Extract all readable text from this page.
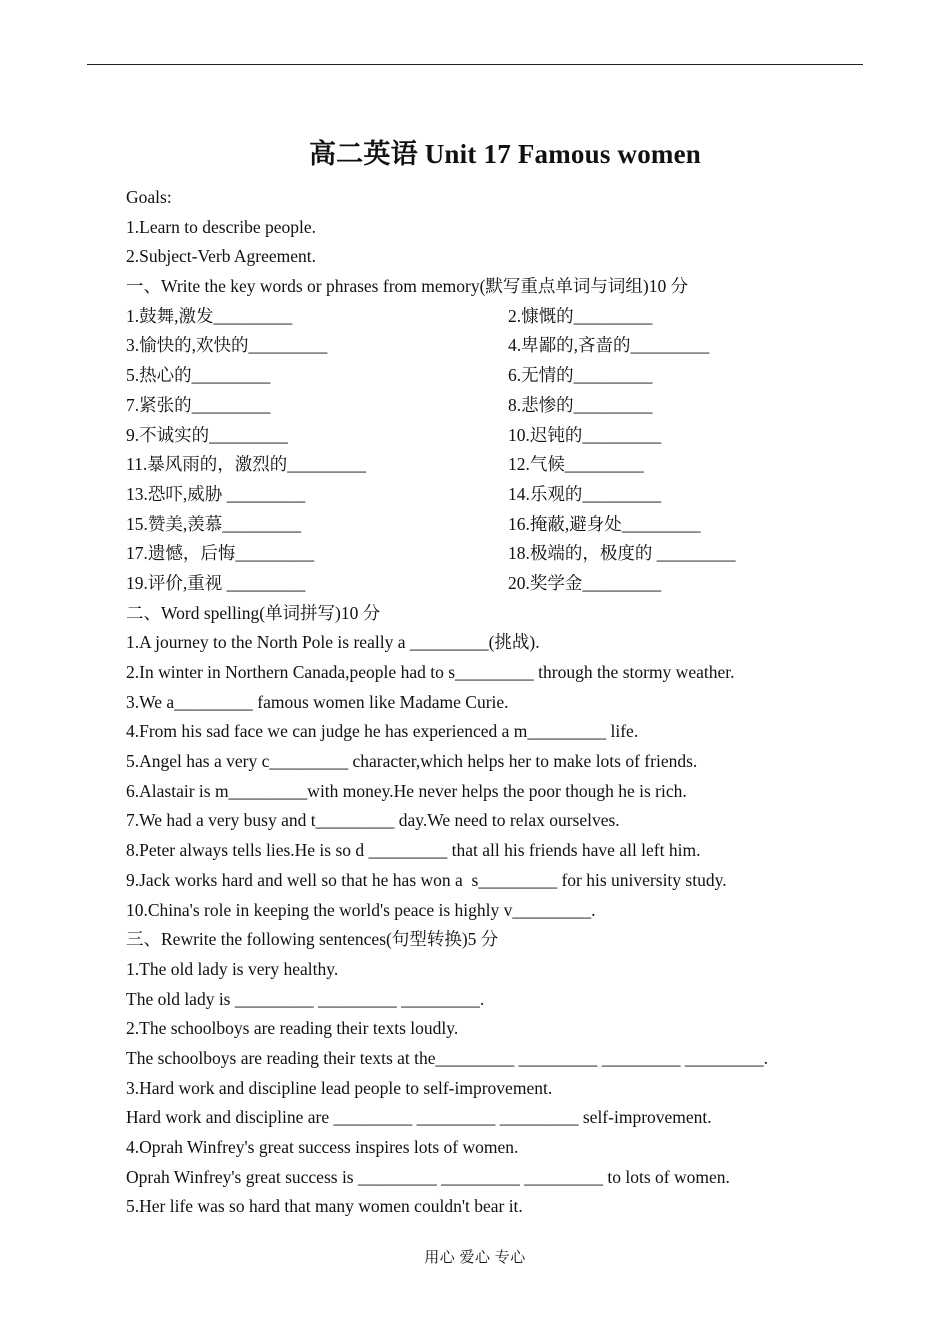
高二英语 Unit 17 Famous women
Goals:
1.Learn to describe people.
2.Subject-Verb Agreement.
一、Write the key words or phrases from memory(默写重点单词与词组)10 分
1.鼓舞,激发_________	2.慷慨的_________
3.愉快的,欢快的_________	4.卑鄙的,吝啬的_________
5.热心的_________	6.无情的_________
7.紧张的_________	8.悲惨的_________
9.不诚实的_________	10.迟钝的_________
11.暴风雨的，激烈的_________	12.气候_________
13.恐吓,威胁 _________	14.乐观的_________
15.赞美,羡慕_________	16.掩蔽,避身处_________
17.遗憾，后悔_________	18.极端的，极度的 _________
19.评价,重视 _________	20.奖学金_________
二、Word spelling(单词拼写)10 分
1.A journey to the North Pole is really a _________(挑战).
2.In winter in Northern Canada,people had to s_________ through the stormy weather.
3.We a_________ famous women like Madame Curie.
4.From his sad face we can judge he has experienced a m_________ life.
5.Angel has a very c_________ character,which helps her to make lots of friends.
6.Alastair is m_________with money.He never helps the poor though he is rich.
7.We had a very busy and t_________ day.We need to relax ourselves.
8.Peter always tells lies.He is so d _________ that all his friends have all left him.
9.Jack works hard and well so that he has won a  s_________ for his university study.
10.China's role in keeping the world's peace is highly v_________.
三、Rewrite the following sentences(句型转换)5 分
1.The old lady is very healthy.
The old lady is _________ _________ _________.
2.The schoolboys are reading their texts loudly.
The schoolboys are reading their texts at the_________ _________ _________ _________.
3.Hard work and discipline lead people to self-improvement.
Hard work and discipline are _________ _________ _________ self-improvement.
4.Oprah Winfrey's great success inspires lots of women.
Oprah Winfrey's great success is _________ _________ _________ to lots of women.
5.Her life was so hard that many women couldn't bear it.
用心 爱心 专心
